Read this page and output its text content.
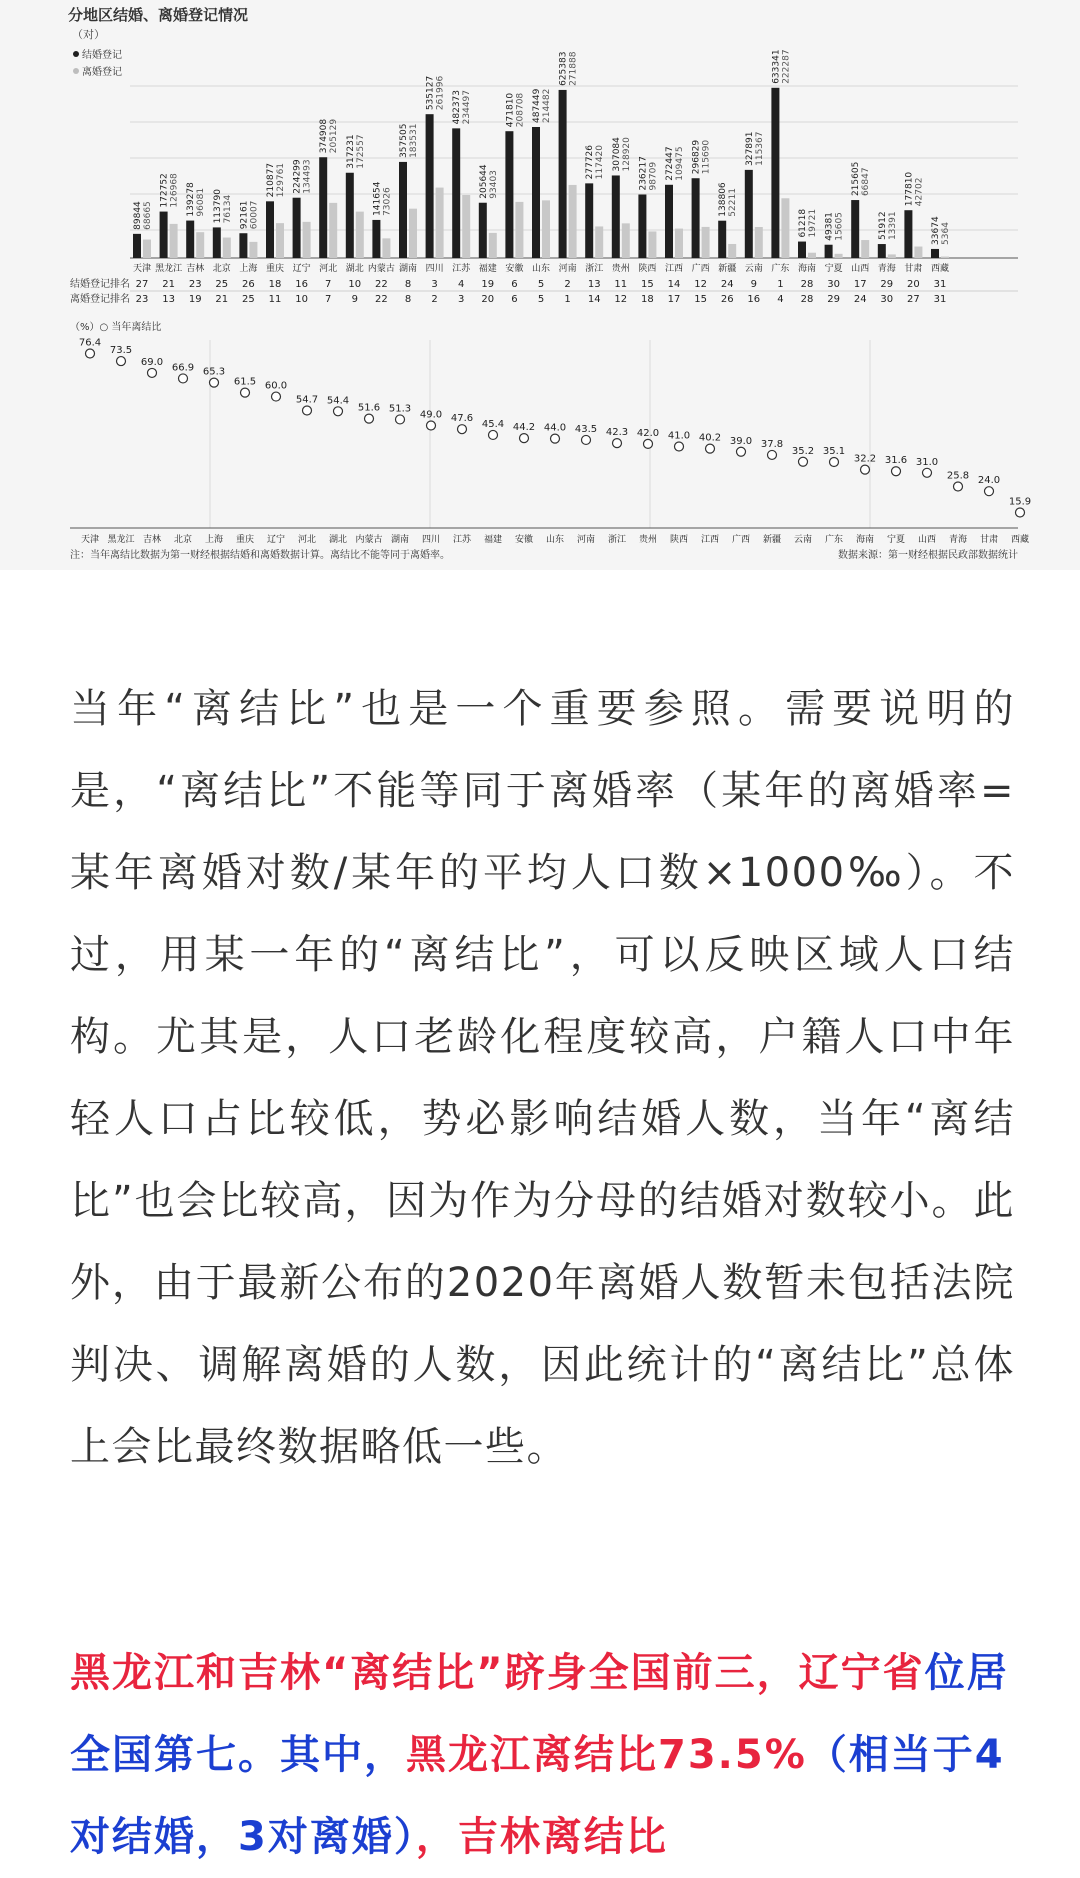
分地区结婚、离婚登记情况
（对）
结婚登记
离婚登记
结婚登记排名
离婚登记排名
（%）○ 当年离结比
注：当年离结比数据为第一财经根据结婚和离婚数据计算。离结比不能等同于离婚率。	数据来源：第一财经根据民政部数据统计
89844 68665
天津
27
23
172752 126968
黑龙江
21
13
139278 96081
吉林
23
19
113790 76134
北京
25
21
92161 60007
上海
26
25
210877 129761
重庆
18
11
224299 134493
辽宁
16
10
374908 205129
河北
7
7
317231 172557
湖北
10
9
141654 73026
内蒙古
22
22
357505 183531
湖南
8
8
535127 261996
四川
3
2
482373 234497
江苏
4
3
205644 93403
福建
19
20
471810 208708
安徽
6
6
487449 214482
山东
5
5
625383 271888
河南
2
1
277726 117420
浙江
13
14
307084 128920
贵州
11
12
236217 98709
陕西
15
18
272447 109475
江西
14
17
296829 115690
广西
12
15
138806 52211
新疆
24
26
327891 115367
云南
9
16
633341 222287
广东
1
4
61218 19721
海南
28
28
49381 15605
宁夏
30
29
215605 66847
山西
17
24
51912 13391
青海
29
30
177810 42702
甘肃
20
27
33674 5364
西藏
31
31
76.4
天津
73.5
黑龙江
69.0
吉林
66.9
北京
65.3
上海
61.5
重庆
60.0
辽宁
54.7
河北
54.4
湖北
51.6
内蒙古
51.3
湖南
49.0
四川
47.6
江苏
45.4
福建
44.2
安徽
44.0
山东
43.5
河南
42.3
浙江
42.0
贵州
41.0
陕西
40.2
江西
39.0
广西
37.8
新疆
35.2
云南
35.1
广东
32.2
海南
31.6
宁夏
31.0
山西
25.8
青海
24.0
甘肃
15.9
西藏

当年“离结比”也是一个重要参照。需要说明的是，“离结比”不能等同于离婚率（某年的离婚率=某年离婚对数/某年的平均人口数×1000‰）。不过，用某一年的“离结比”，可以反映区域人口结构。尤其是，人口老龄化程度较高，户籍人口中年轻人口占比较低，势必影响结婚人数，当年“离结比”也会比较高，因为作为分母的结婚对数较小。此外，由于最新公布的2020年离婚人数暂未包括法院判决、调解离婚的人数，因此统计的“离结比”总体上会比最终数据略低一些。

黑龙江和吉林“离结比”跻身全国前三，辽宁省位居全国第七。其中，黑龙江离结比73.5%（相当于4对结婚，3对离婚），吉林离结比
